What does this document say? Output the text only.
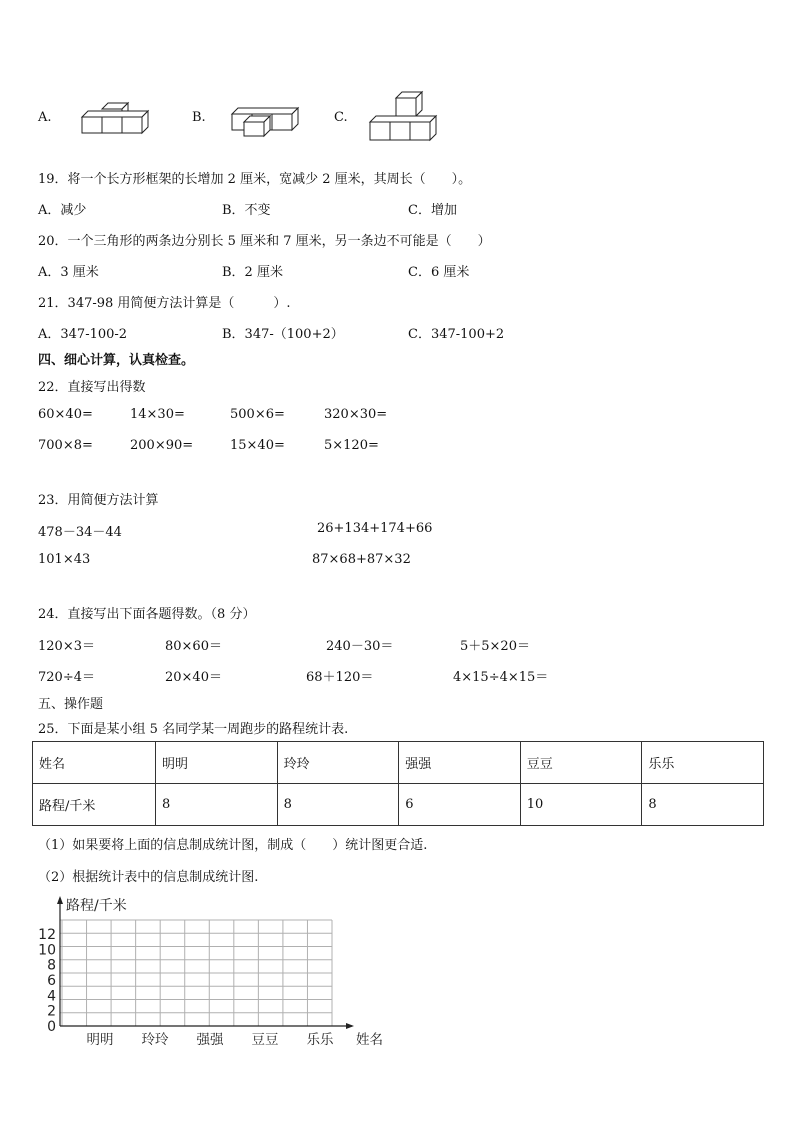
A.	B.	C.
19．将一个长方形框架的长增加 2 厘米，宽减少 2 厘米，其周长（　　）。
A．减少	B．不变	C．增加
20．一个三角形的两条边分别长 5 厘米和 7 厘米，另一条边不可能是（　　）
A．3 厘米	B．2 厘米	C．6 厘米
21．347-98 用简便方法计算是（　　　）.
A．347-100-2	B．347-（100+2）	C．347-100+2
四、细心计算，认真检查。
22．直接写出得数
60×40=	14×30=	500×6=	320×30=
700×8=	200×90=	15×40=	5×120=
23．用简便方法计算
478－34－44	26+134+174+66
101×43	87×68+87×32
24．直接写出下面各题得数。（8 分）
120×3＝	80×60＝	240－30＝	5＋5×20＝
720÷4＝	20×40＝	68＋120＝	4×15÷4×15＝
五、操作题
25．下面是某小组 5 名同学某一周跑步的路程统计表.
姓名	明明	玲玲	强强	豆豆	乐乐
路程/千米	8	8	6	10	8
（1）如果要将上面的信息制成统计图，制成（　　）统计图更合适.
（2）根据统计表中的信息制成统计图.
0
2
4
6
8
10
12
路程/千米
明明 玲玲 强强 豆豆 乐乐 姓名
